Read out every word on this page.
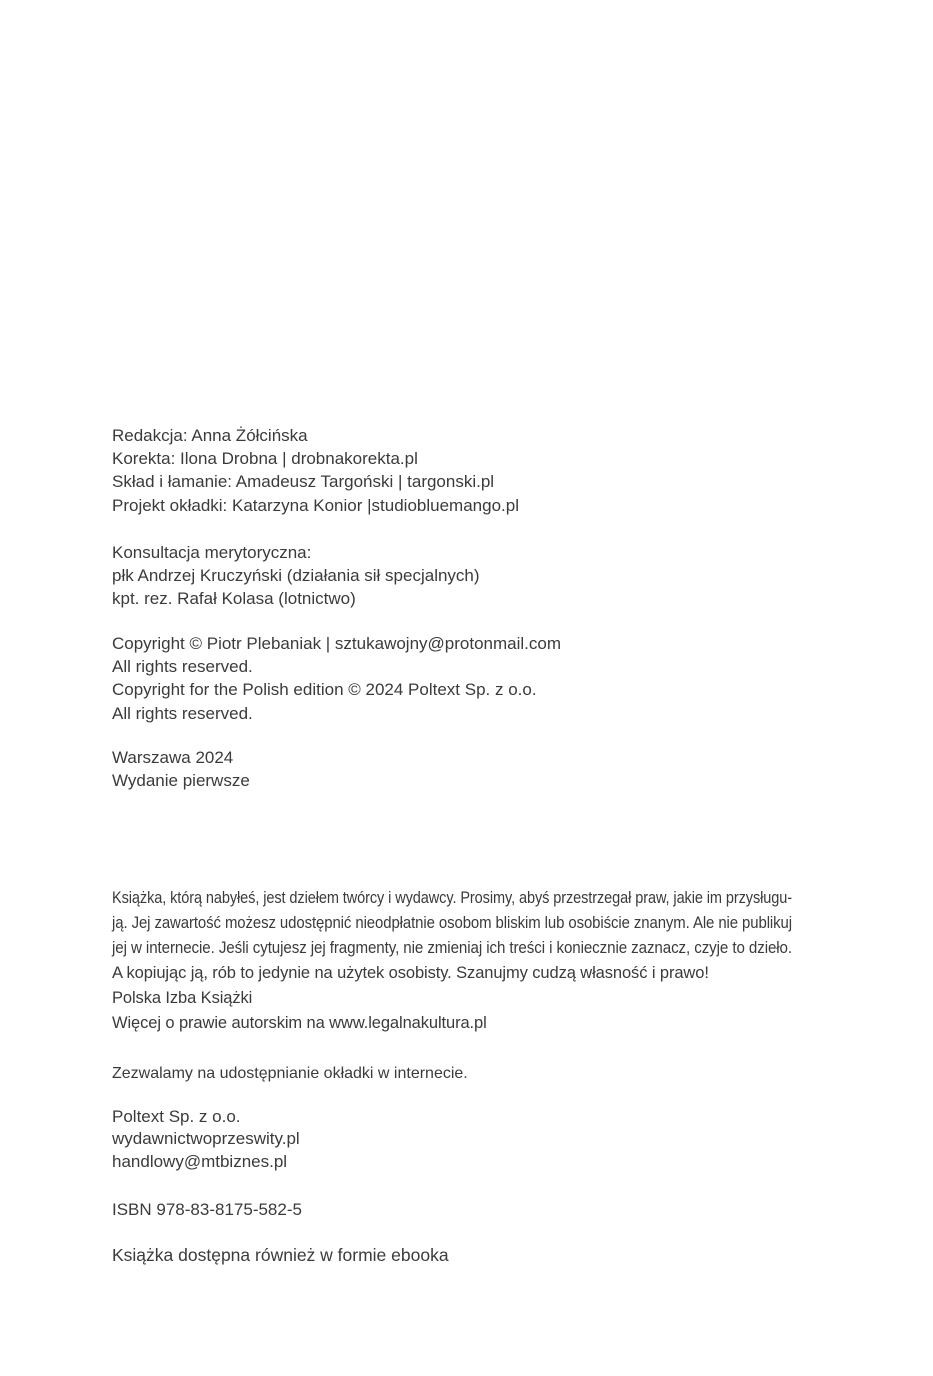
Redakcja: Anna Żółcińska
Korekta: Ilona Drobna | drobnakorekta.pl
Skład i łamanie: Amadeusz Targoński | targonski.pl
Projekt okładki: Katarzyna Konior |studiobluemango.pl
Konsultacja merytoryczna:
płk Andrzej Kruczyński (działania sił specjalnych)
kpt. rez. Rafał Kolasa (lotnictwo)
Copyright © Piotr Plebaniak | sztukawojny@protonmail.com
All rights reserved.
Copyright for the Polish edition © 2024 Poltext Sp. z o.o.
All rights reserved.
Warszawa 2024
Wydanie pierwsze
Książka, którą nabyłeś, jest dziełem twórcy i wydawcy. Prosimy, abyś przestrzegał praw, jakie im przysługu-
ją. Jej zawartość możesz udostępnić nieodpłatnie osobom bliskim lub osobiście znanym. Ale nie publikuj
jej w internecie. Jeśli cytujesz jej fragmenty, nie zmieniaj ich treści i koniecznie zaznacz, czyje to dzieło.
A kopiując ją, rób to jedynie na użytek osobisty. Szanujmy cudzą własność i prawo!
Polska Izba Książki
Więcej o prawie autorskim na www.legalnakultura.pl
Zezwalamy na udostępnianie okładki w internecie.
Poltext Sp. z o.o.
wydawnictwoprzeswity.pl
handlowy@mtbiznes.pl
ISBN 978-83-8175-582-5
Książka dostępna również w formie ebooka
